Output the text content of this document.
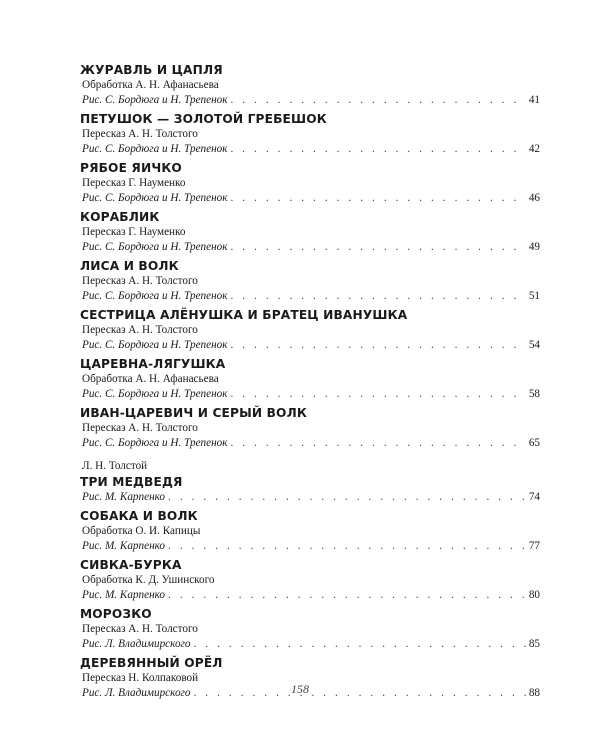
ЖУРАВЛЬ И ЦАПЛЯ
Обработка А. Н. Афанасьева
Рис. С. Бордюга и Н. Трепенок . . .	41
ПЕТУШОК — ЗОЛОТОЙ ГРЕБЕШОК
Пересказ А. Н. Толстого
Рис. С. Бордюга и Н. Трепенок . . .	42
РЯБОЕ ЯИЧКО
Пересказ Г. Науменко
Рис. С. Бордюга и Н. Трепенок . . .	46
КОРАБЛИК
Пересказ Г. Науменко
Рис. С. Бордюга и Н. Трепенок . . .	49
ЛИСА И ВОЛК
Пересказ А. Н. Толстого
Рис. С. Бордюга и Н. Трепенок . . .	51
СЕСТРИЦА АЛЁНУШКА И БРАТЕЦ ИВАНУШКА
Пересказ А. Н. Толстого
Рис. С. Бордюга и Н. Трепенок . . .	54
ЦАРЕВНА-ЛЯГУШКА
Обработка А. Н. Афанасьева
Рис. С. Бордюга и Н. Трепенок . . .	58
ИВАН-ЦАРЕВИЧ И СЕРЫЙ ВОЛК
Пересказ А. Н. Толстого
Рис. С. Бордюга и Н. Трепенок . . .	65
Л. Н. Толстой
ТРИ МЕДВЕДЯ
Рис. М. Карпенко . . .	74
СОБАКА И ВОЛК
Обработка О. И. Капицы
Рис. М. Карпенко . . .	77
СИВКА-БУРКА
Обработка К. Д. Ушинского
Рис. М. Карпенко . . .	80
МОРОЗКО
Пересказ А. Н. Толстого
Рис. Л. Владимирского . . .	85
ДЕРЕВЯННЫЙ ОРЁЛ
Пересказ Н. Колпаковой
Рис. Л. Владимирского . . .	88
158
